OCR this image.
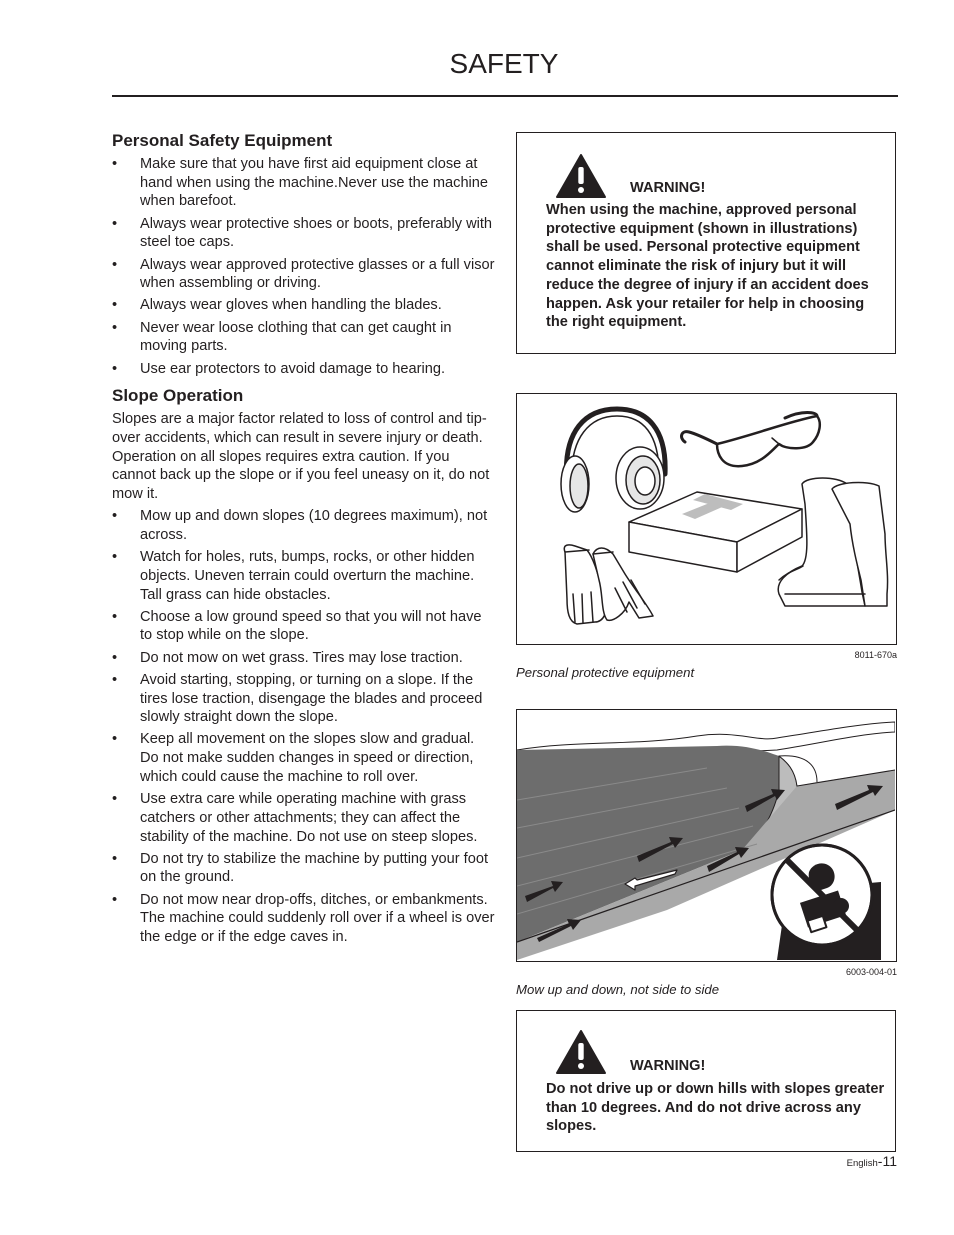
SAFETY
Personal Safety Equipment
• Make sure that you have first aid equipment close at hand when using the machine.Never use the machine when barefoot.
• Always wear protective shoes or boots, preferably with steel toe caps.
• Always wear approved protective glasses or a full visor when assembling or driving.
• Always wear gloves when handling the blades.
• Never wear loose clothing that can get caught in moving parts.
• Use ear protectors to avoid damage to hearing.
Slope Operation

Slopes are a major factor related to loss of control and tip-over accidents, which can result in severe injury or death. Operation on all slopes requires extra caution. If you cannot back up the slope or if you feel uneasy on it, do not mow it.

• Mow up and down slopes (10 degrees maximum), not across.
• Watch for holes, ruts, bumps, rocks, or other hidden objects. Uneven terrain could overturn the machine. Tall grass can hide obstacles.
• Choose a low ground speed so that you will not have to stop while on the slope.
• Do not mow on wet grass. Tires may lose traction.
• Avoid starting, stopping, or turning on a slope. If the tires lose traction, disengage the blades and proceed slowly straight down the slope.
• Keep all movement on the slopes slow and gradual. Do not make sudden changes in speed or direction, which could cause the machine to roll over.
• Use extra care while operating machine with grass catchers or other attachments; they can affect the stability of the machine. Do not use on steep slopes.
• Do not try to stabilize the machine by putting your foot on the ground.
• Do not mow near drop-offs, ditches, or embankments. The machine could suddenly roll over if a wheel is over the edge or if the edge caves in.
WARNING!
When using the machine, approved personal protective equipment (shown in illustrations) shall be used. Personal protective equipment cannot eliminate the risk of injury but it will reduce the degree of injury if an accident does happen. Ask your retailer for help in choosing the right equipment.
8011-670a
Personal protective equipment
6003-004-01
Mow up and down, not side to side
WARNING!
Do not drive up or down hills with slopes greater than 10 degrees. And do not drive across any slopes.
English-11
